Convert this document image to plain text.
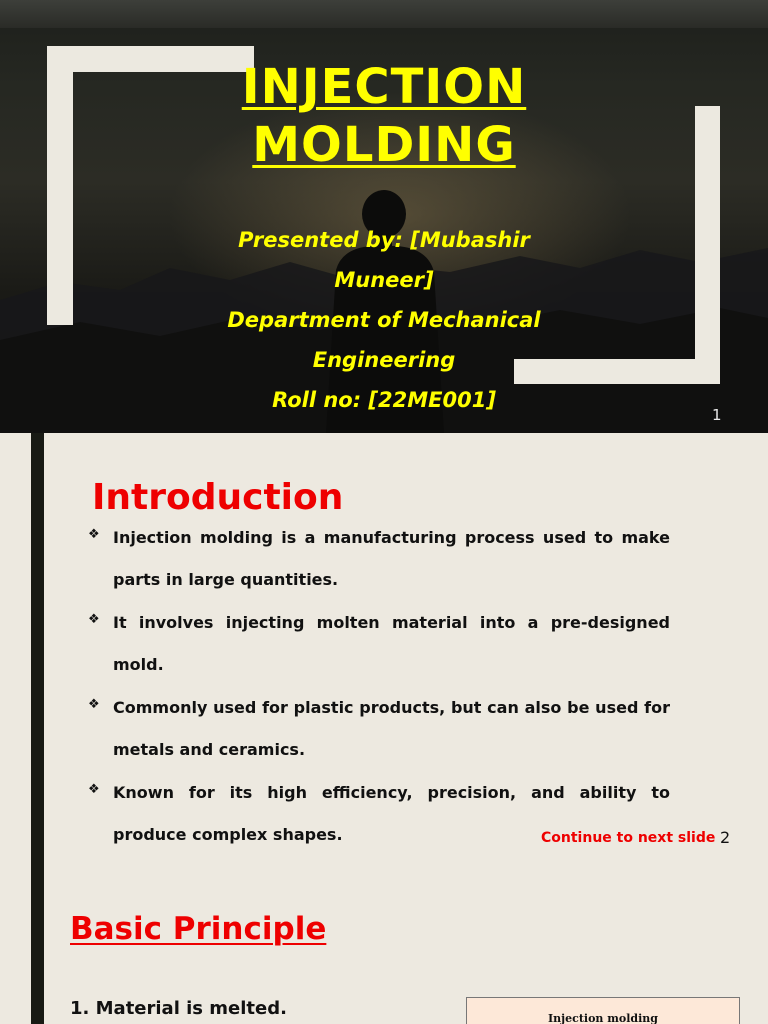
INJECTION
MOLDING
Presented by: [Mubashir
Muneer]
Department of Mechanical
Engineering
Roll no: [22ME001]
1
Introduction
❖ Injection molding is a manufacturing process used to make parts in large quantities.
❖ It involves injecting molten material into a pre-designed mold.
❖ Commonly used for plastic products, but can also be used for metals and ceramics.
❖ Known for its high efficiency, precision, and ability to produce complex shapes.	Continue to next slide 2
Basic Principle
1. Material is melted.	Injection molding
